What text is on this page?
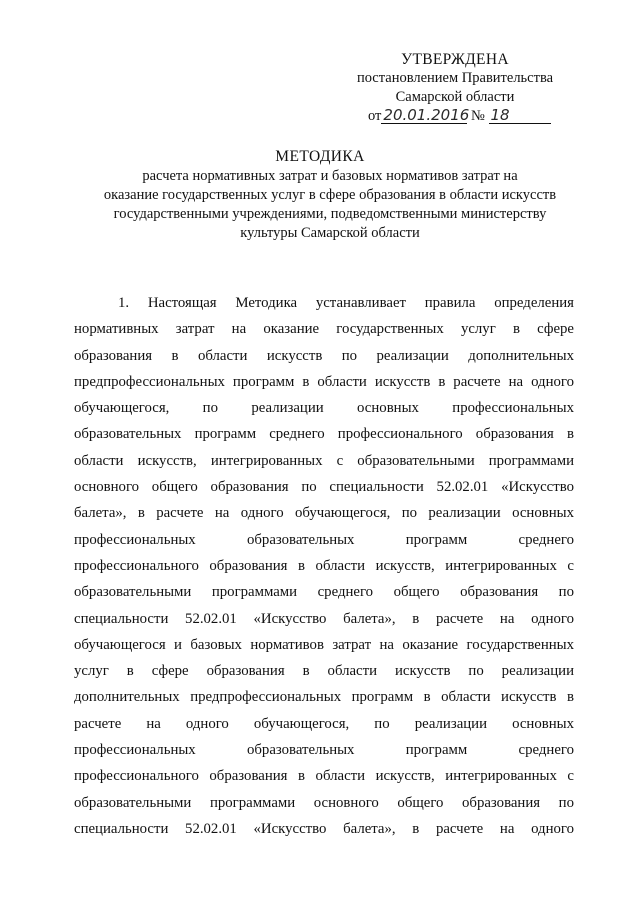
УТВЕРЖДЕНА
постановлением Правительства
Самарской области
от 20.01.2016 № 18
МЕТОДИКА
расчета нормативных затрат и базовых нормативов затрат на
оказание государственных услуг в сфере образования в области искусств
государственными учреждениями, подведомственными министерству
культуры Самарской области
1. Настоящая Методика устанавливает правила определения
нормативных затрат на оказание государственных услуг в сфере
образования в области искусств по реализации дополнительных
предпрофессиональных программ в области искусств в расчете на одного
обучающегося, по реализации основных профессиональных
образовательных программ среднего профессионального образования в
области искусств, интегрированных с образовательными программами
основного общего образования по специальности 52.02.01 «Искусство
балета», в расчете на одного обучающегося, по реализации основных
профессиональных образовательных программ среднего
профессионального образования в области искусств, интегрированных с
образовательными программами среднего общего образования по
специальности 52.02.01 «Искусство балета», в расчете на одного
обучающегося и базовых нормативов затрат на оказание государственных
услуг в сфере образования в области искусств по реализации
дополнительных предпрофессиональных программ в области искусств в
расчете на одного обучающегося, по реализации основных
профессиональных образовательных программ среднего
профессионального образования в области искусств, интегрированных с
образовательными программами основного общего образования по
специальности 52.02.01 «Искусство балета», в расчете на одного
